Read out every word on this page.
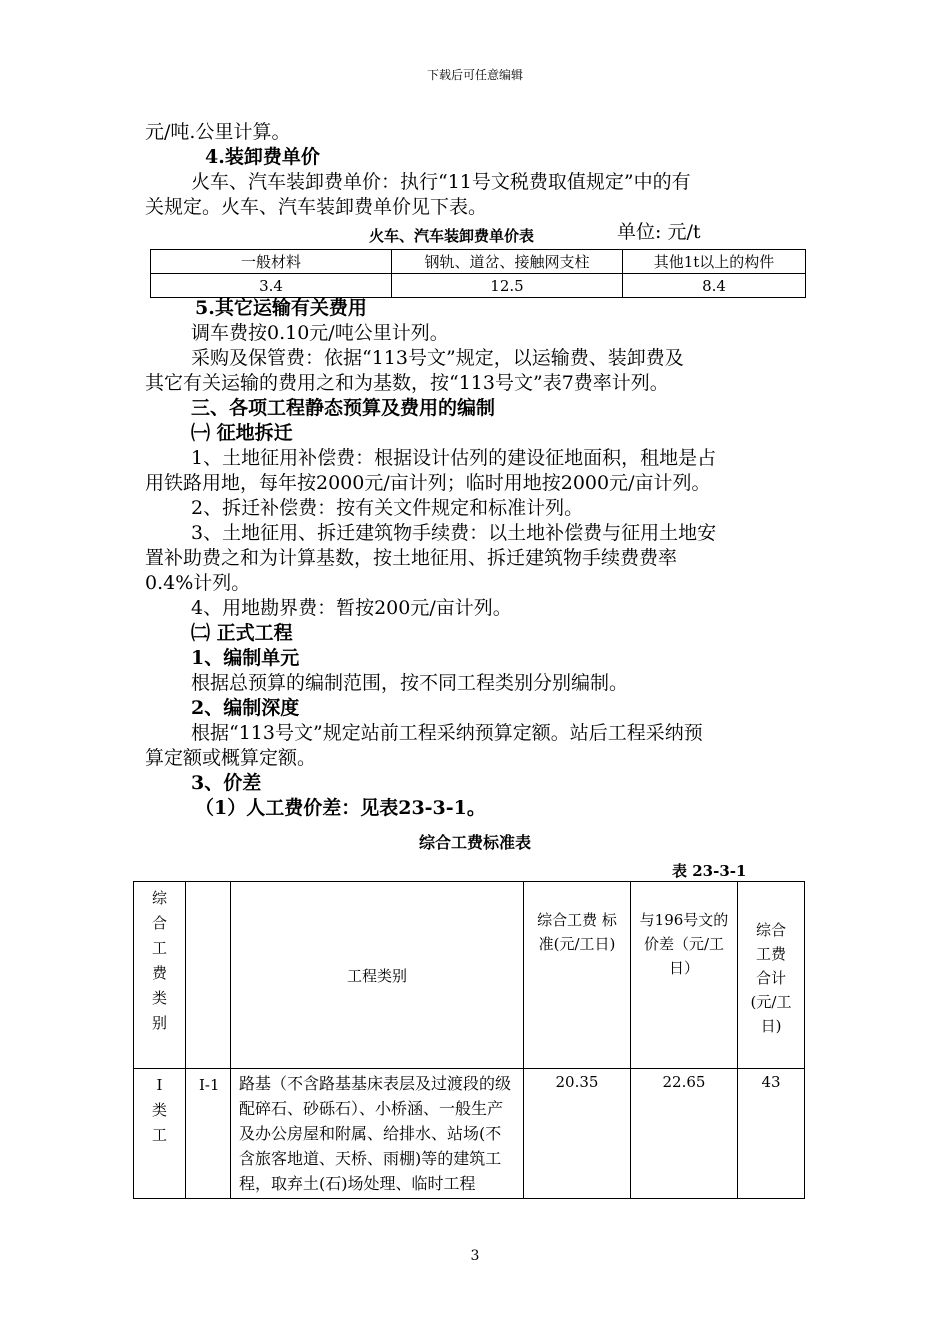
下载后可任意编辑

元/吨.公里计算。

4.装卸费单价

火车、汽车装卸费单价：执行“11号文税费取值规定”中的有

关规定。火车、汽车装卸费单价见下表。

火车、汽车装卸费单价表	单位: 元/t

5.其它运输有关费用

调车费按0.10元/吨公里计列。

采购及保管费：依据“113号文”规定，以运输费、装卸费及

其它有关运输的费用之和为基数，按“113号文”表7费率计列。

三、各项工程静态预算及费用的编制

㈠ 征地拆迁

1、土地征用补偿费：根据设计估列的建设征地面积，租地是占

用铁路用地，每年按2000元/亩计列；临时用地按2000元/亩计列。

2、拆迁补偿费：按有关文件规定和标准计列。

3、土地征用、拆迁建筑物手续费：以土地补偿费与征用土地安

置补助费之和为计算基数，按土地征用、拆迁建筑物手续费费率

0.4%计列。

4、用地勘界费：暂按200元/亩计列。

㈡ 正式工程

1、编制单元

根据总预算的编制范围，按不同工程类别分别编制。

2、编制深度

根据“113号文”规定站前工程采纳预算定额。站后工程采纳预

算定额或概算定额。

3、价差

（1）人工费价差：见表23-3-1。

一般材料	钢轨、道岔、接触网支柱	其他1t以上的构件
3.4	12.5	8.4
综合工费标准表
表 23-3-1
综合工费类别		工程类别	综合工费 标准(元/工日)	与196号文的价差（元/工日）	综合工费合计(元/工日)

Ⅰ类工	Ⅰ-1	路基（不含路基基床表层及过渡段的级配碎石、砂砾石）、小桥涵、一般生产及办公房屋和附属、给排水、站场(不含旅客地道、天桥、雨棚)等的建筑工程，取弃土(石)场处理、临时工程	20.35	22.65	43
3
